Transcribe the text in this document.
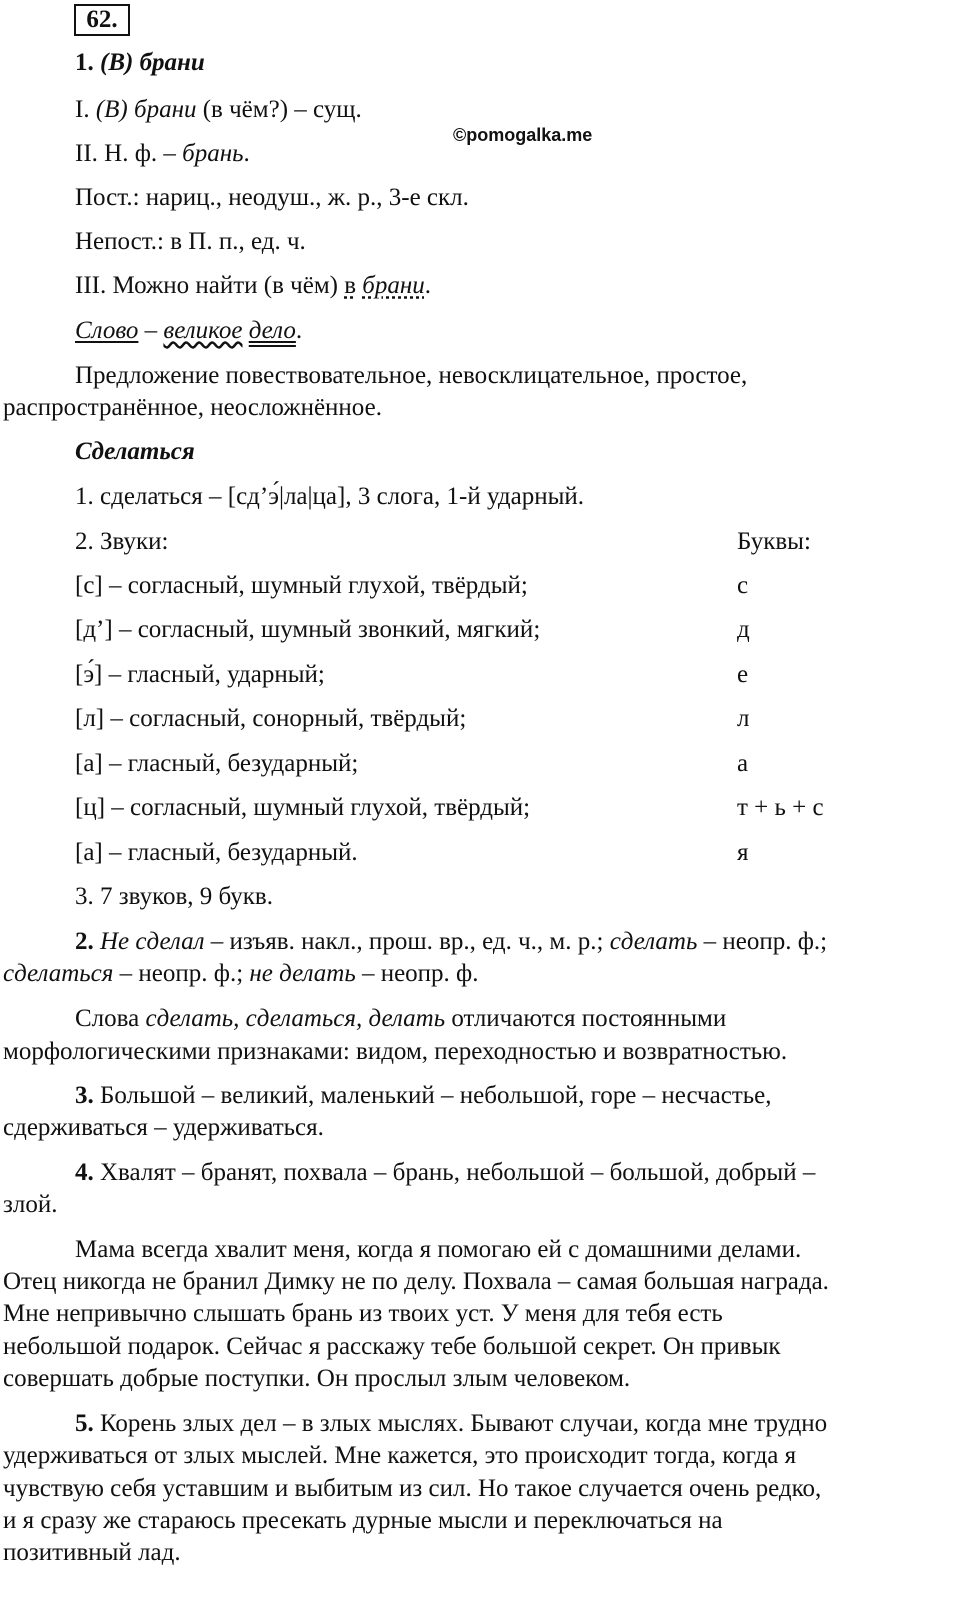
62.
©pomogalka.me
1. (В) брани
I. (В) брани (в чём?) – сущ.
II. Н. ф. – брань.
Пост.: нариц., неодуш., ж. р., 3-е скл.
Непост.: в П. п., ед. ч.
III. Можно найти (в чём) в брани.
Слово – великое дело.
Предложение повествовательное, невосклицательное, простое,
распространённое, неосложнённое.
Сделаться
1. сделаться – [сд’э́|ла|ца], 3 слога, 1-й ударный.
2. Звуки:	Буквы:
[с] – согласный, шумный глухой, твёрдый;	с
[д’] – согласный, шумный звонкий, мягкий;	д
[э́] – гласный, ударный;	е
[л] – согласный, сонорный, твёрдый;	л
[а] – гласный, безударный;	а
[ц] – согласный, шумный глухой, твёрдый;	т + ь + с
[а] – гласный, безударный.	я
3. 7 звуков, 9 букв.
2. Не сделал – изъяв. накл., прош. вр., ед. ч., м. р.; сделать – неопр. ф.;
сделаться – неопр. ф.; не делать – неопр. ф.
Слова сделать, сделаться, делать отличаются постоянными
морфологическими признаками: видом, переходностью и возвратностью.
3. Большой – великий, маленький – небольшой, горе – несчастье,
сдерживаться – удерживаться.
4. Хвалят – бранят, похвала – брань, небольшой – большой, добрый –
злой.
Мама всегда хвалит меня, когда я помогаю ей с домашними делами.
Отец никогда не бранил Димку не по делу. Похвала – самая большая награда.
Мне непривычно слышать брань из твоих уст. У меня для тебя есть
небольшой подарок. Сейчас я расскажу тебе большой секрет. Он привык
совершать добрые поступки. Он прослыл злым человеком.
5. Корень злых дел – в злых мыслях. Бывают случаи, когда мне трудно
удерживаться от злых мыслей. Мне кажется, это происходит тогда, когда я
чувствую себя уставшим и выбитым из сил. Но такое случается очень редко,
и я сразу же стараюсь пресекать дурные мысли и переключаться на
позитивный лад.
